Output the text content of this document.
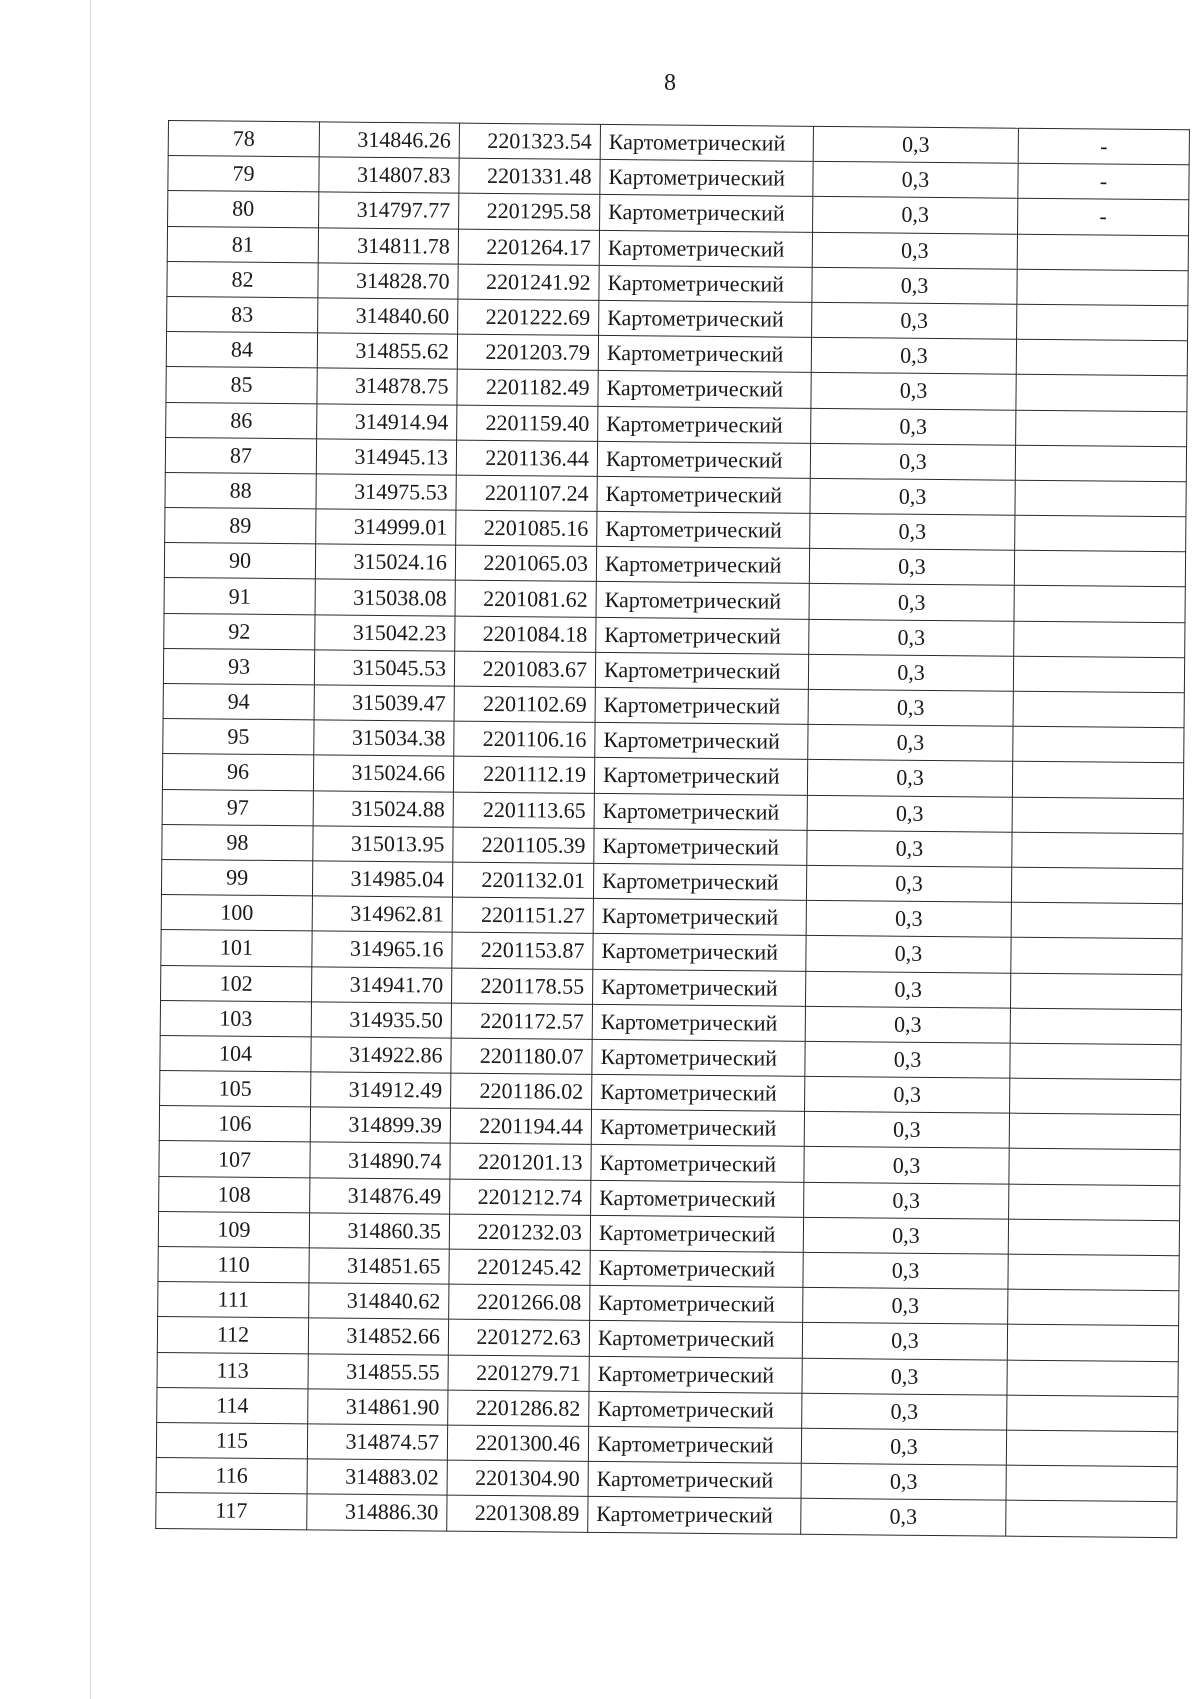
8
78	314846.26	2201323.54	Картометрический	0,3	-
79	314807.83	2201331.48	Картометрический	0,3	-
80	314797.77	2201295.58	Картометрический	0,3	-
81	314811.78	2201264.17	Картометрический	0,3	
82	314828.70	2201241.92	Картометрический	0,3	
83	314840.60	2201222.69	Картометрический	0,3	
84	314855.62	2201203.79	Картометрический	0,3	
85	314878.75	2201182.49	Картометрический	0,3	
86	314914.94	2201159.40	Картометрический	0,3	
87	314945.13	2201136.44	Картометрический	0,3	
88	314975.53	2201107.24	Картометрический	0,3	
89	314999.01	2201085.16	Картометрический	0,3	
90	315024.16	2201065.03	Картометрический	0,3	
91	315038.08	2201081.62	Картометрический	0,3	
92	315042.23	2201084.18	Картометрический	0,3	
93	315045.53	2201083.67	Картометрический	0,3	
94	315039.47	2201102.69	Картометрический	0,3	
95	315034.38	2201106.16	Картометрический	0,3	
96	315024.66	2201112.19	Картометрический	0,3	
97	315024.88	2201113.65	Картометрический	0,3	
98	315013.95	2201105.39	Картометрический	0,3	
99	314985.04	2201132.01	Картометрический	0,3	
100	314962.81	2201151.27	Картометрический	0,3	
101	314965.16	2201153.87	Картометрический	0,3	
102	314941.70	2201178.55	Картометрический	0,3	
103	314935.50	2201172.57	Картометрический	0,3	
104	314922.86	2201180.07	Картометрический	0,3	
105	314912.49	2201186.02	Картометрический	0,3	
106	314899.39	2201194.44	Картометрический	0,3	
107	314890.74	2201201.13	Картометрический	0,3	
108	314876.49	2201212.74	Картометрический	0,3	
109	314860.35	2201232.03	Картометрический	0,3	
110	314851.65	2201245.42	Картометрический	0,3	
111	314840.62	2201266.08	Картометрический	0,3	
112	314852.66	2201272.63	Картометрический	0,3	
113	314855.55	2201279.71	Картометрический	0,3	
114	314861.90	2201286.82	Картометрический	0,3	
115	314874.57	2201300.46	Картометрический	0,3	
116	314883.02	2201304.90	Картометрический	0,3	
117	314886.30	2201308.89	Картометрический	0,3	
